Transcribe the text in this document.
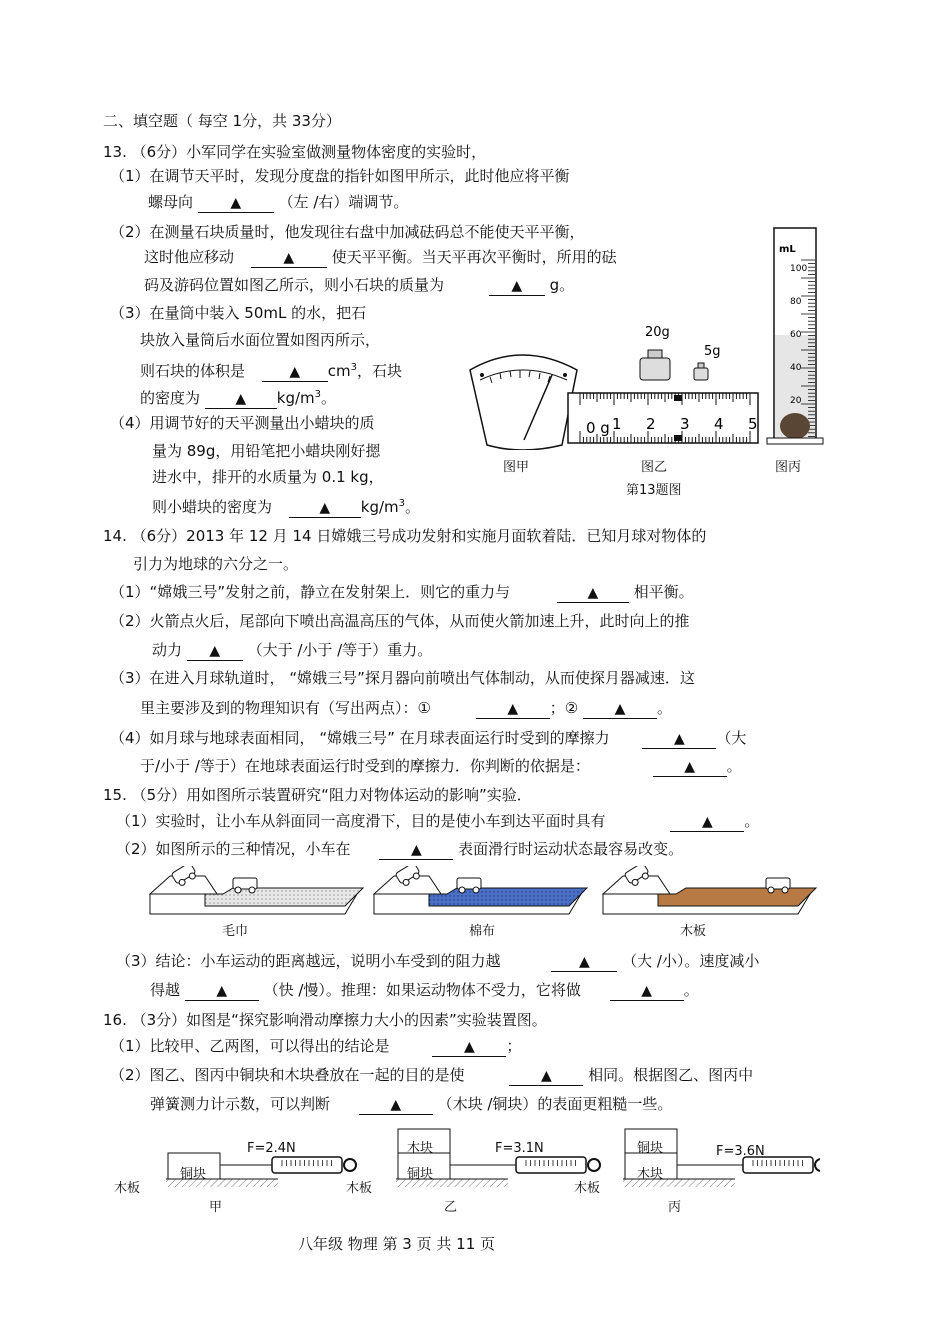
二、填空题（ 每空 1分，共 33分）
13. （6分）小军同学在实验室做测量物体密度的实验时，
（1）在调节天平时，发现分度盘的指针如图甲所示，此时他应将平衡
螺母向	▲ （左 /右）端调节。
（2）在测量石块质量时，他发现往右盘中加减砝码总不能使天平平衡，
这时他应移动	▲ 使天平平衡。当天平再次平衡时，所用的砝
码及游码位置如图乙所示，则小石块的质量为	▲ g。
（3）在量筒中装入 50mL 的水，把石
块放入量筒后水面位置如图丙所示，
则石块的体积是	▲ $cm^3$，石块
的密度为	▲ $kg/m^3$。
（4）用调节好的天平测量出小蜡块的质
量为 89g，用铅笔把小蜡块刚好摁
进水中，排开的水质量为 0.1 kg，
则小蜡块的密度为	▲ $kg/m^3$。
20g
5g
0 g 1 2 3 4 5
mL
100
80
60
40
20
图甲	图乙	图丙
第13题图
14. （6分）2013 年 12 月 14 日嫦娥三号成功发射和实施月面软着陆．已知月球对物体的
引力为地球的六分之一。
（1）“嫦娥三号”发射之前，静立在发射架上．则它的重力与	▲ 相平衡。
（2）火箭点火后，尾部向下喷出高温高压的气体，从而使火箭加速上升，此时向上的推
动力 ▲ （大于 /小于 /等于）重力。
（3）在进入月球轨道时， “嫦娥三号”探月器向前喷出气体制动，从而使探月器减速．这
里主要涉及到的物理知识有（写出两点）：①	▲ ；②	▲ 。
（4）如月球与地球表面相同， “嫦娥三号” 在月球表面运行时受到的摩擦力	▲ （大
于/小于 /等于）在地球表面运行时受到的摩擦力．你判断的依据是：	▲ 。
15. （5分）用如图所示装置研究“阻力对物体运动的影响”实验．
（1）实验时，让小车从斜面同一高度滑下，目的是使小车到达平面时具有	▲ 。
（2）如图所示的三种情况，小车在	▲ 表面滑行时运动状态最容易改变。
毛巾	棉布	木板
（3）结论：小车运动的距离越远，说明小车受到的阻力越	▲ （大 /小）。速度减小
得越	▲ （快 /慢）。推理：如果运动物体不受力，它将做	▲ 。
16. （3分）如图是“探究影响滑动摩擦力大小的因素”实验装置图。
（1）比较甲、乙两图，可以得出的结论是	▲ ；
（2）图乙、图丙中铜块和木块叠放在一起的目的是使	▲ 相同。根据图乙、图丙中
弹簧测力计示数，可以判断	▲ （木块 /铜块）的表面更粗糙一些。
木板	木板	木板
铜块
木块
铜块
铜块
木块
F=2.4N	F=3.1N	F=3.6N
甲	乙	丙
八年级 物理 第 3 页 共 11 页
